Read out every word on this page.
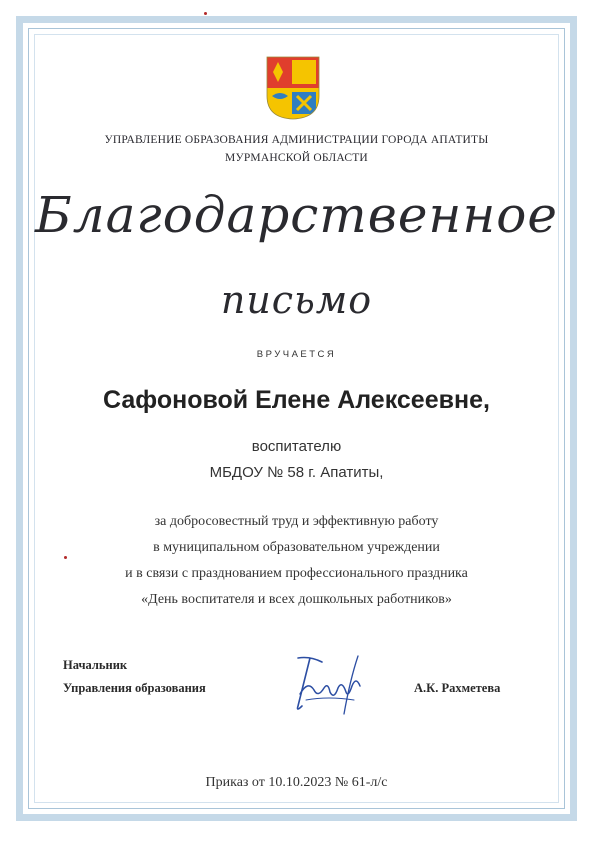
УПРАВЛЕНИЕ ОБРАЗОВАНИЯ АДМИНИСТРАЦИИ ГОРОДА АПАТИТЫ
МУРМАНСКОЙ ОБЛАСТИ
Благодарственное
письмо
ВРУЧАЕТСЯ
Сафоновой Елене Алексеевне,
воспитателю
МБДОУ № 58 г. Апатиты,
за добросовестный труд и эффективную работу
в муниципальном образовательном учреждении
и в связи с празднованием профессионального праздника
«День воспитателя и всех дошкольных работников»
Начальник
Управления образования	А.К. Рахметева
Приказ от 10.10.2023 № 61-л/с
